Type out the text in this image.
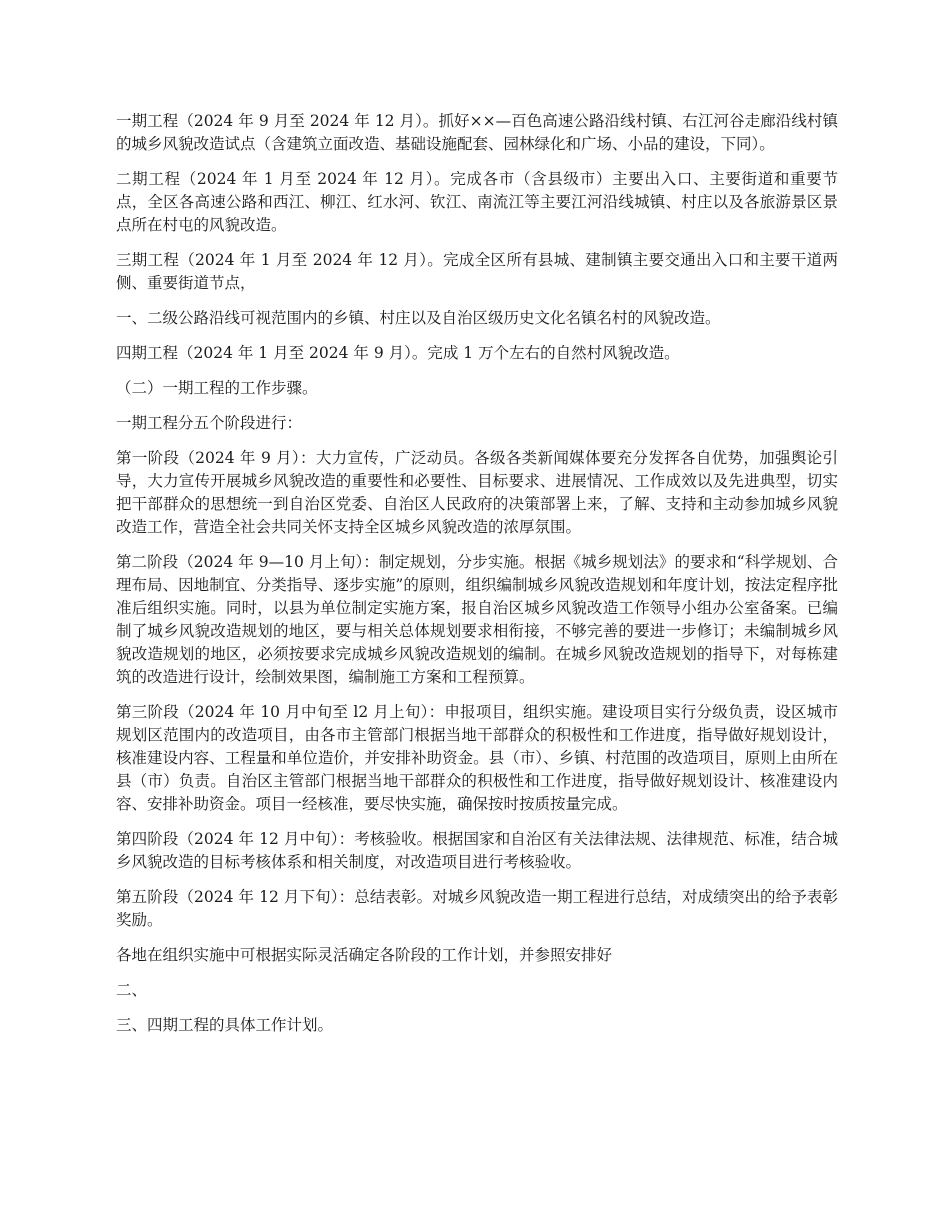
一期工程（2024 年 9 月至 2024 年 12 月）。抓好××—百色高速公路沿线村镇、右江河谷走廊沿线村镇的城乡风貌改造试点（含建筑立面改造、基础设施配套、园林绿化和广场、小品的建设，下同）。

二期工程（2024 年 1 月至 2024 年 12 月）。完成各市（含县级市）主要出入口、主要街道和重要节点，全区各高速公路和西江、柳江、红水河、钦江、南流江等主要江河沿线城镇、村庄以及各旅游景区景点所在村屯的风貌改造。

三期工程（2024 年 1 月至 2024 年 12 月）。完成全区所有县城、建制镇主要交通出入口和主要干道两侧、重要街道节点，

一、二级公路沿线可视范围内的乡镇、村庄以及自治区级历史文化名镇名村的风貌改造。

四期工程（2024 年 1 月至 2024 年 9 月）。完成 1 万个左右的自然村风貌改造。

（二）一期工程的工作步骤。

一期工程分五个阶段进行：

第一阶段（2024 年 9 月）：大力宣传，广泛动员。各级各类新闻媒体要充分发挥各自优势，加强舆论引导，大力宣传开展城乡风貌改造的重要性和必要性、目标要求、进展情况、工作成效以及先进典型，切实把干部群众的思想统一到自治区党委、自治区人民政府的决策部署上来，了解、支持和主动参加城乡风貌改造工作，营造全社会共同关怀支持全区城乡风貌改造的浓厚氛围。

第二阶段（2024 年 9—10 月上旬）：制定规划，分步实施。根据《城乡规划法》的要求和“科学规划、合理布局、因地制宜、分类指导、逐步实施”的原则，组织编制城乡风貌改造规划和年度计划，按法定程序批准后组织实施。同时，以县为单位制定实施方案，报自治区城乡风貌改造工作领导小组办公室备案。已编制了城乡风貌改造规划的地区，要与相关总体规划要求相衔接，不够完善的要进一步修订；未编制城乡风貌改造规划的地区，必须按要求完成城乡风貌改造规划的编制。在城乡风貌改造规划的指导下，对每栋建筑的改造进行设计，绘制效果图，编制施工方案和工程预算。

第三阶段（2024 年 10 月中旬至 l2 月上旬）：申报项目，组织实施。建设项目实行分级负责，设区城市规划区范围内的改造项目，由各市主管部门根据当地干部群众的积极性和工作进度，指导做好规划设计，核准建设内容、工程量和单位造价，并安排补助资金。县（市）、乡镇、村范围的改造项目，原则上由所在县（市）负责。自治区主管部门根据当地干部群众的积极性和工作进度，指导做好规划设计、核准建设内容、安排补助资金。项目一经核准，要尽快实施，确保按时按质按量完成。

第四阶段（2024 年 12 月中旬）：考核验收。根据国家和自治区有关法律法规、法律规范、标准，结合城乡风貌改造的目标考核体系和相关制度，对改造项目进行考核验收。

第五阶段（2024 年 12 月下旬）：总结表彰。对城乡风貌改造一期工程进行总结，对成绩突出的给予表彰奖励。

各地在组织实施中可根据实际灵活确定各阶段的工作计划，并参照安排好

二、

三、四期工程的具体工作计划。
